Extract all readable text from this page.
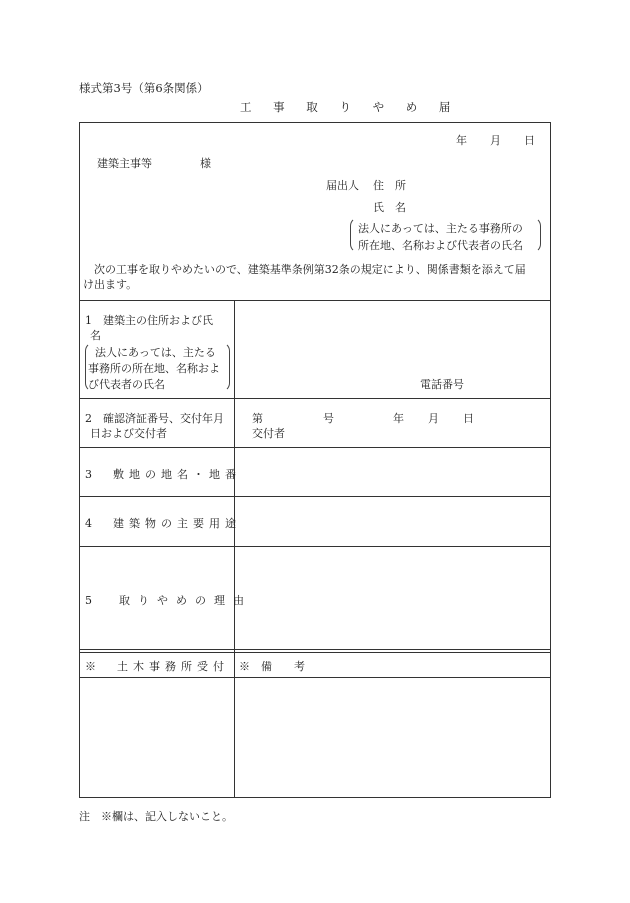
様式第3号（第6条関係）
工 事 取 り や め 届
年 月 日
建築主事等	様
届出人 住　所
氏　名
法人にあっては、主たる事務所の
所在地、名称および代表者の氏名
次の工事を取りやめたいので、建築基準条例第32条の規定により、関係書類を添えて届
け出ます。
1　建築主の住所および氏
名
法人にあっては、主たる
事務所の所在地、名称およ
び代表者の氏名	電話番号
2　確認済証番号、交付年月
日および交付者
第	号	年 月 日
交付者
3　敷地の地名・地番
4　建築物の主要用途
5　取りやめの理由
※　土木事務所受付 ※　備　　考
注　※欄は、記入しないこと。
